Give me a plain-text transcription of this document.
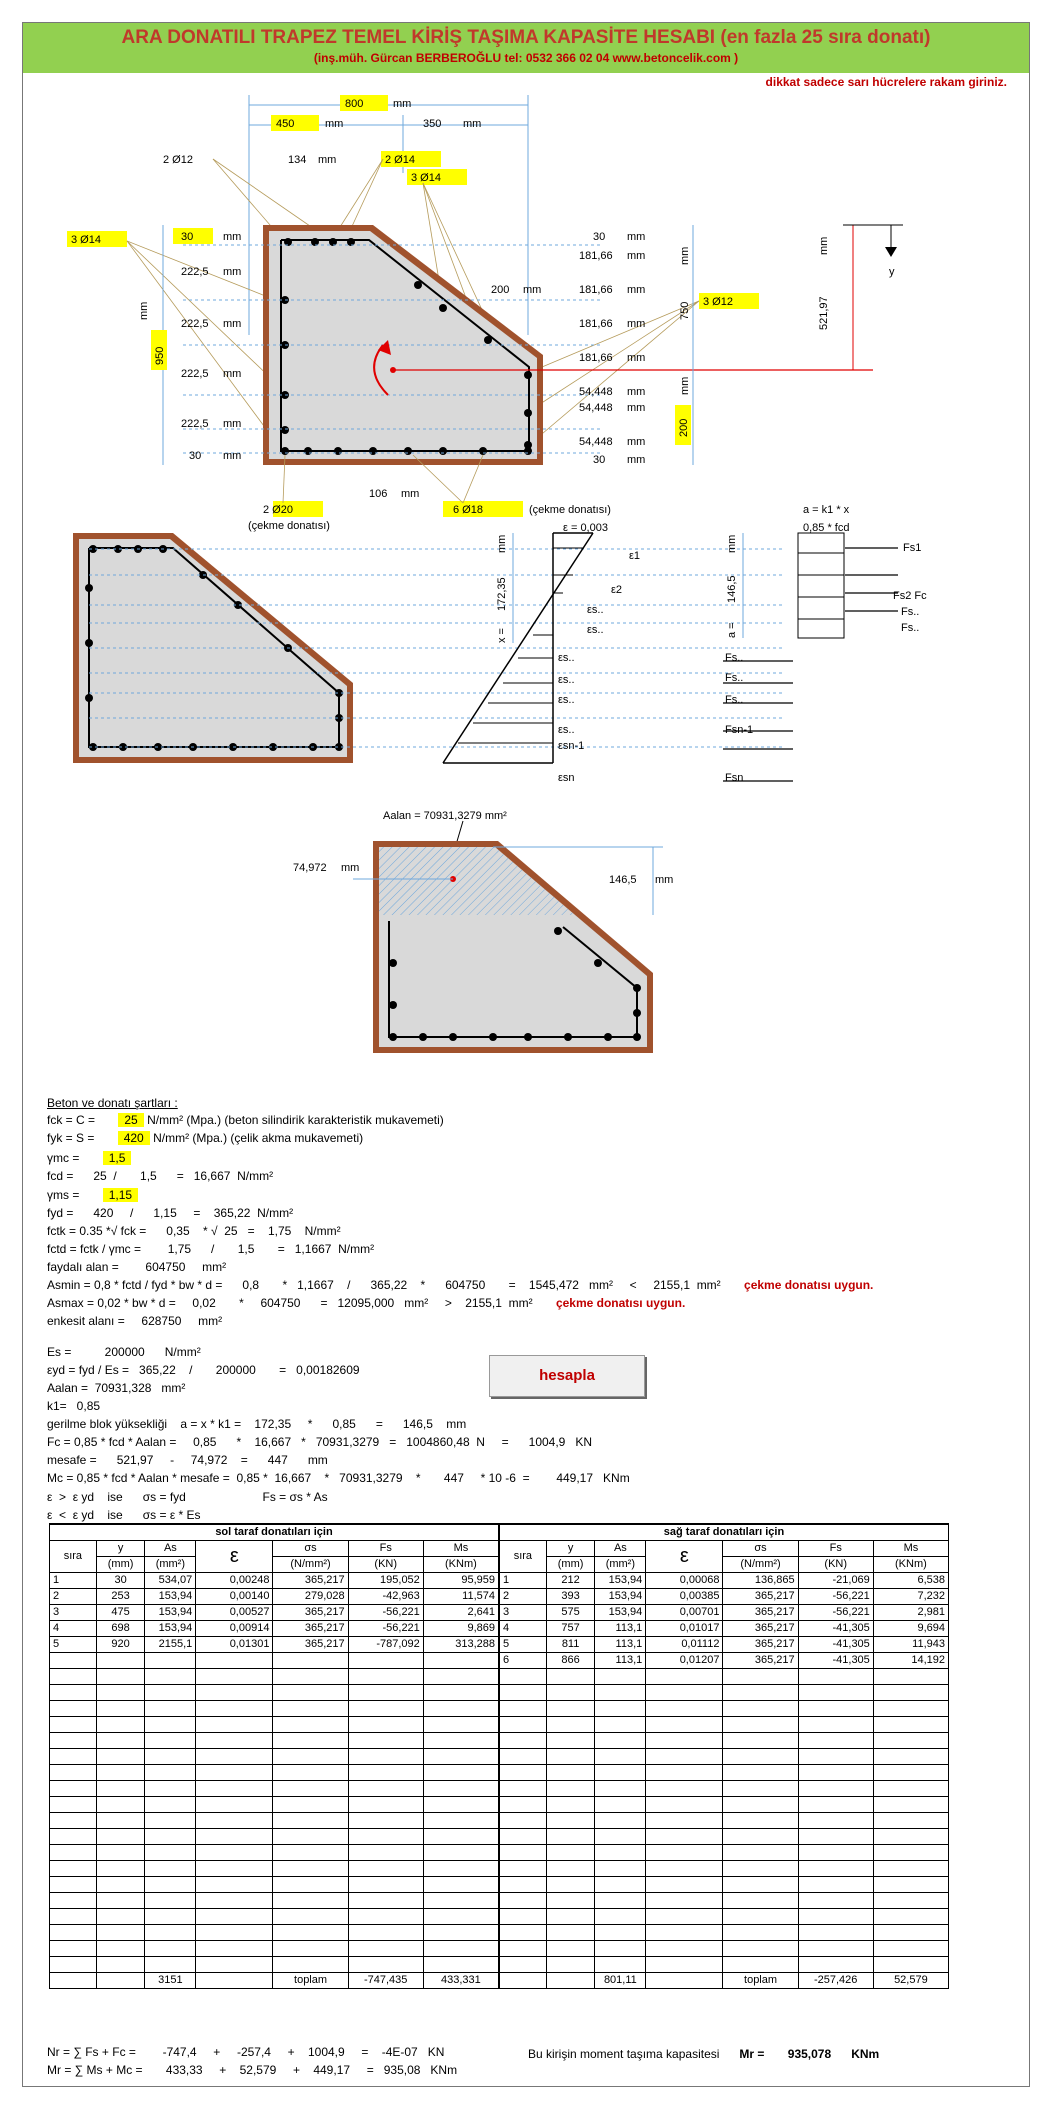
ARA DONATILI TRAPEZ TEMEL KİRİŞ TAŞIMA KAPASİTE HESABI (en fazla 25 sıra donatı)
(inş.müh. Gürcan BERBEROĞLU tel: 0532 366 02 04 www.betoncelik.com )
dikkat sadece sarı hücrelere rakam giriniz.
800	mm
450	mm	350 mm
134 mm
2 Ø12	2 Ø14
3 Ø14
3 Ø14
3 Ø12
y
521,97
mm
950
mm
30	mm
222,5 mm
222,5 mm
222,5 mm
222,5 mm
30 mm
30 mm
181,66 mm
181,66 mm
181,66 mm
181,66 mm
54,448 mm
54,448 mm
54,448 mm
30 mm
200 mm
750
mm
200
mm
106 mm
2 Ø20
(çekme donatısı)
6 Ø18	(çekme donatısı)	a = k1 * x
ε = 0,003
ε1
ε2
εs..
εs..
εs..
εs..
εs..
εs..
εsn-1
εsn
x =
172,35
mm
a =
146,5
mm
0,85 * fcd
Fs1
Fs2 Fc
Fs..
Fs..
Fs..
Fs..
Fs..
Fsn-1
Fsn
Aalan = 70931,3279 mm²
74,972 mm
146,5 mm
Beton ve donatı şartları :
fck = C = 25 N/mm² (Mpa.) (beton silindirik karakteristik mukavemeti)
fyk = S = 420 N/mm² (Mpa.) (çelik akma mukavemeti)
γmc = 1,5
fcd =      25  /       1,5      =   16,667  N/mm²
γms = 1,15
fyd =      420     /      1,15     =    365,22  N/mm²
fctk = 0.35 *√ fck =      0,35    * √  25   =    1,75    N/mm²
fctd = fctk / γmc =        1,75      /       1,5       =   1,1667  N/mm²
faydalı alan =        604750     mm²
Asmin = 0,8 * fctd / fyd * bw * d =      0,8       *   1,1667    /      365,22    *      604750       =    1545,472   mm²     <     2155,1  mm² çekme donatısı uygun.
Asmax = 0,02 * bw * d =     0,02       *     604750      =   12095,000   mm²     >    2155,1  mm² çekme donatısı uygun.
enkesit alanı =     628750     mm²
Es =          200000      N/mm²
εyd = fyd / Es =   365,22    /       200000       =   0,00182609
Aalan =  70931,328   mm²
k1=   0,85
gerilme blok yüksekliği    a = x * k1 =    172,35     *      0,85      =      146,5    mm
Fc = 0,85 * fcd * Aalan =     0,85      *    16,667   *   70931,3279   =   1004860,48  N     =      1004,9   KN
mesafe =      521,97     -     74,972    =      447      mm
Mc = 0,85 * fcd * Aalan * mesafe =  0,85 *  16,667    *   70931,3279    *       447     * 10 -6  =        449,17   KNm
ε  >  ε yd    ise      σs = fyd                       Fs = σs * As
ε  <  ε yd    ise      σs = ε * Es
hesapla
sol taraf donatıları için						
sıra	y	As	ε	σs	Fs	Ms
	(mm)	(mm²)		(N/mm²)	(KN)	(KNm)
1	30	534,07	0,00248	365,217	195,052	95,959
2	253	153,94	0,00140	279,028	-42,963	11,574
3	475	153,94	0,00527	365,217	-56,221	2,641
4	698	153,94	0,00914	365,217	-56,221	9,869
5	920	2155,1	0,01301	365,217	-787,092	313,288

		3151		toplam	-747,435	433,331
sağ taraf donatıları için						
sıra	y	As	ε	σs	Fs	Ms
	(mm)	(mm²)		(N/mm²)	(KN)	(KNm)
1	212	153,94	0,00068	136,865	-21,069	6,538
2	393	153,94	0,00385	365,217	-56,221	7,232
3	575	153,94	0,00701	365,217	-56,221	2,981
4	757	113,1	0,01017	365,217	-41,305	9,694
5	811	113,1	0,01112	365,217	-41,305	11,943
6	866	113,1	0,01207	365,217	-41,305	14,192

		801,11		toplam	-257,426	52,579
Nr = ∑ Fs + Fc =        -747,4     +     -257,4     +    1004,9     =    -4E-07   KN
Mr = ∑ Ms + Mc =       433,33     +    52,579     +    449,17     =   935,08   KNm
Bu kirişin moment taşıma kapasitesi Mr = 935,078 KNm
